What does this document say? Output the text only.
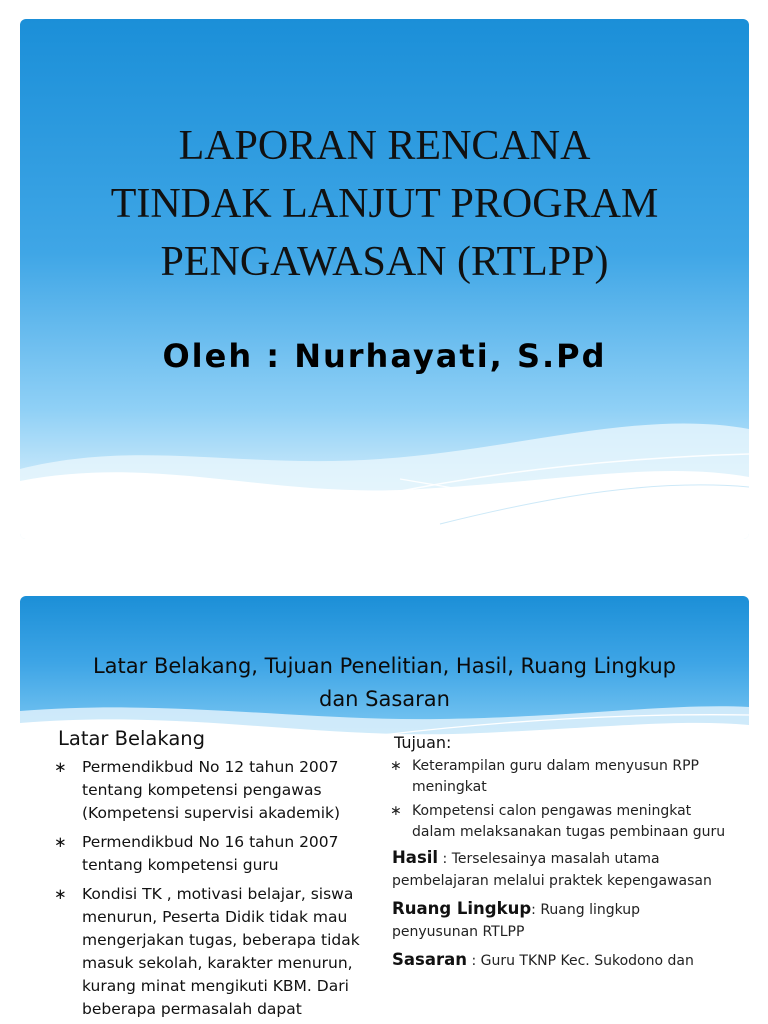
LAPORAN RENCANA
TINDAK LANJUT PROGRAM
PENGAWASAN (RTLPP)
Oleh : Nurhayati, S.Pd
Latar Belakang, Tujuan Penelitian, Hasil, Ruang Lingkup
dan Sasaran
Latar Belakang
∗ Permendikbud No 12 tahun 2007 tentang kompetensi pengawas (Kompetensi supervisi akademik)
∗ Permendikbud No 16 tahun 2007 tentang kompetensi guru
∗ Kondisi TK , motivasi belajar, siswa menurun, Peserta Didik tidak mau mengerjakan tugas, beberapa tidak masuk sekolah, karakter menurun, kurang minat mengikuti KBM. Dari beberapa permasalah dapat
Tujuan:
∗ Keterampilan guru dalam menyusun RPP meningkat
∗ Kompetensi calon pengawas meningkat dalam melaksanakan tugas pembinaan guru
Hasil : Terselesainya masalah utama pembelajaran melalui praktek kepengawasan
Ruang Lingkup: Ruang lingkup penyusunan RTLPP
Sasaran : Guru TKNP Kec. Sukodono dan
